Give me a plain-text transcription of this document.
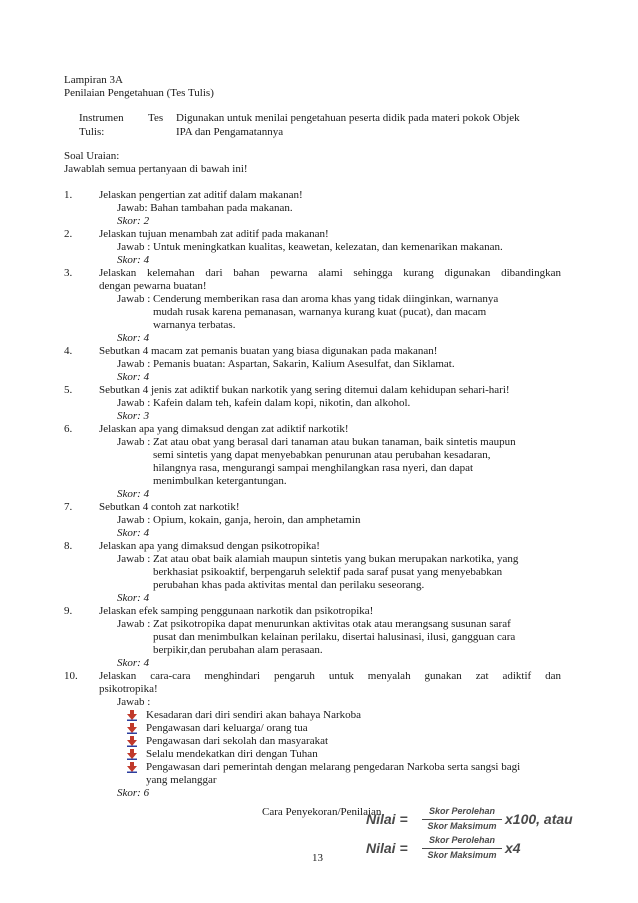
Lampiran 3A
Penilaian Pengetahuan (Tes Tulis)
Instrumen Tes
Tulis:
Digunakan untuk menilai pengetahuan peserta didik pada materi pokok Objek
IPA dan Pengamatannya
Soal Uraian:
Jawablah semua pertanyaan di bawah ini!
1. Jelaskan pengertian zat aditif dalam makanan!
Jawab: Bahan tambahan pada makanan.
Skor: 2
2. Jelaskan tujuan menambah zat aditif pada makanan!
Jawab : Untuk meningkatkan kualitas, keawetan, kelezatan, dan kemenarikan makanan.
Skor: 4
3. Jelaskan kelemahan dari bahan pewarna alami sehingga kurang digunakan dibandingkan
dengan pewarna buatan!
Jawab : Cenderung memberikan rasa dan aroma khas yang tidak diinginkan, warnanya
mudah rusak karena pemanasan, warnanya kurang kuat (pucat), dan macam
warnanya terbatas.
Skor: 4
4. Sebutkan 4 macam zat pemanis buatan yang biasa digunakan pada makanan!
Jawab : Pemanis buatan: Aspartan, Sakarin, Kalium Asesulfat, dan Siklamat.
Skor: 4
5. Sebutkan 4 jenis zat adiktif bukan narkotik yang sering ditemui dalam kehidupan sehari-hari!
Jawab : Kafein dalam teh, kafein dalam kopi, nikotin, dan alkohol.
Skor: 3
6. Jelaskan apa yang dimaksud dengan zat adiktif narkotik!
Jawab : Zat atau obat yang berasal dari tanaman atau bukan tanaman, baik sintetis maupun
semi sintetis yang dapat menyebabkan penurunan atau perubahan kesadaran,
hilangnya rasa, mengurangi sampai menghilangkan rasa nyeri, dan dapat
menimbulkan ketergantungan.
Skor: 4
7. Sebutkan 4 contoh zat narkotik!
Jawab : Opium, kokain, ganja, heroin, dan amphetamin
Skor: 4
8. Jelaskan apa yang dimaksud dengan psikotropika!
Jawab : Zat atau obat baik alamiah maupun sintetis yang bukan merupakan narkotika, yang
berkhasiat psikoaktif, berpengaruh selektif pada saraf pusat yang menyebabkan
perubahan khas pada aktivitas mental dan perilaku seseorang.
Skor: 4
9. Jelaskan efek samping penggunaan narkotik dan psikotropika!
Jawab : Zat psikotropika dapat menurunkan aktivitas otak atau merangsang susunan saraf
pusat dan menimbulkan kelainan perilaku, disertai halusinasi, ilusi, gangguan cara
berpikir,dan perubahan alam perasaan.
Skor: 4
10. Jelaskan cara-cara menghindari pengaruh untuk menyalah gunakan zat adiktif dan
psikotropika!
Jawab :
Kesadaran dari diri sendiri akan bahaya Narkoba
Pengawasan dari keluarga/ orang tua
Pengawasan dari sekolah dan masyarakat
Selalu mendekatkan diri dengan Tuhan
Pengawasan dari pemerintah dengan melarang pengedaran Narkoba serta sangsi bagi
yang melanggar
Skor: 6
Cara Penyekoran/Penilaian
Nilai =	Skor Perolehan
Skor Maksimum x100, atau
Nilai =	Skor Perolehan
Skor Maksimum x4
13
